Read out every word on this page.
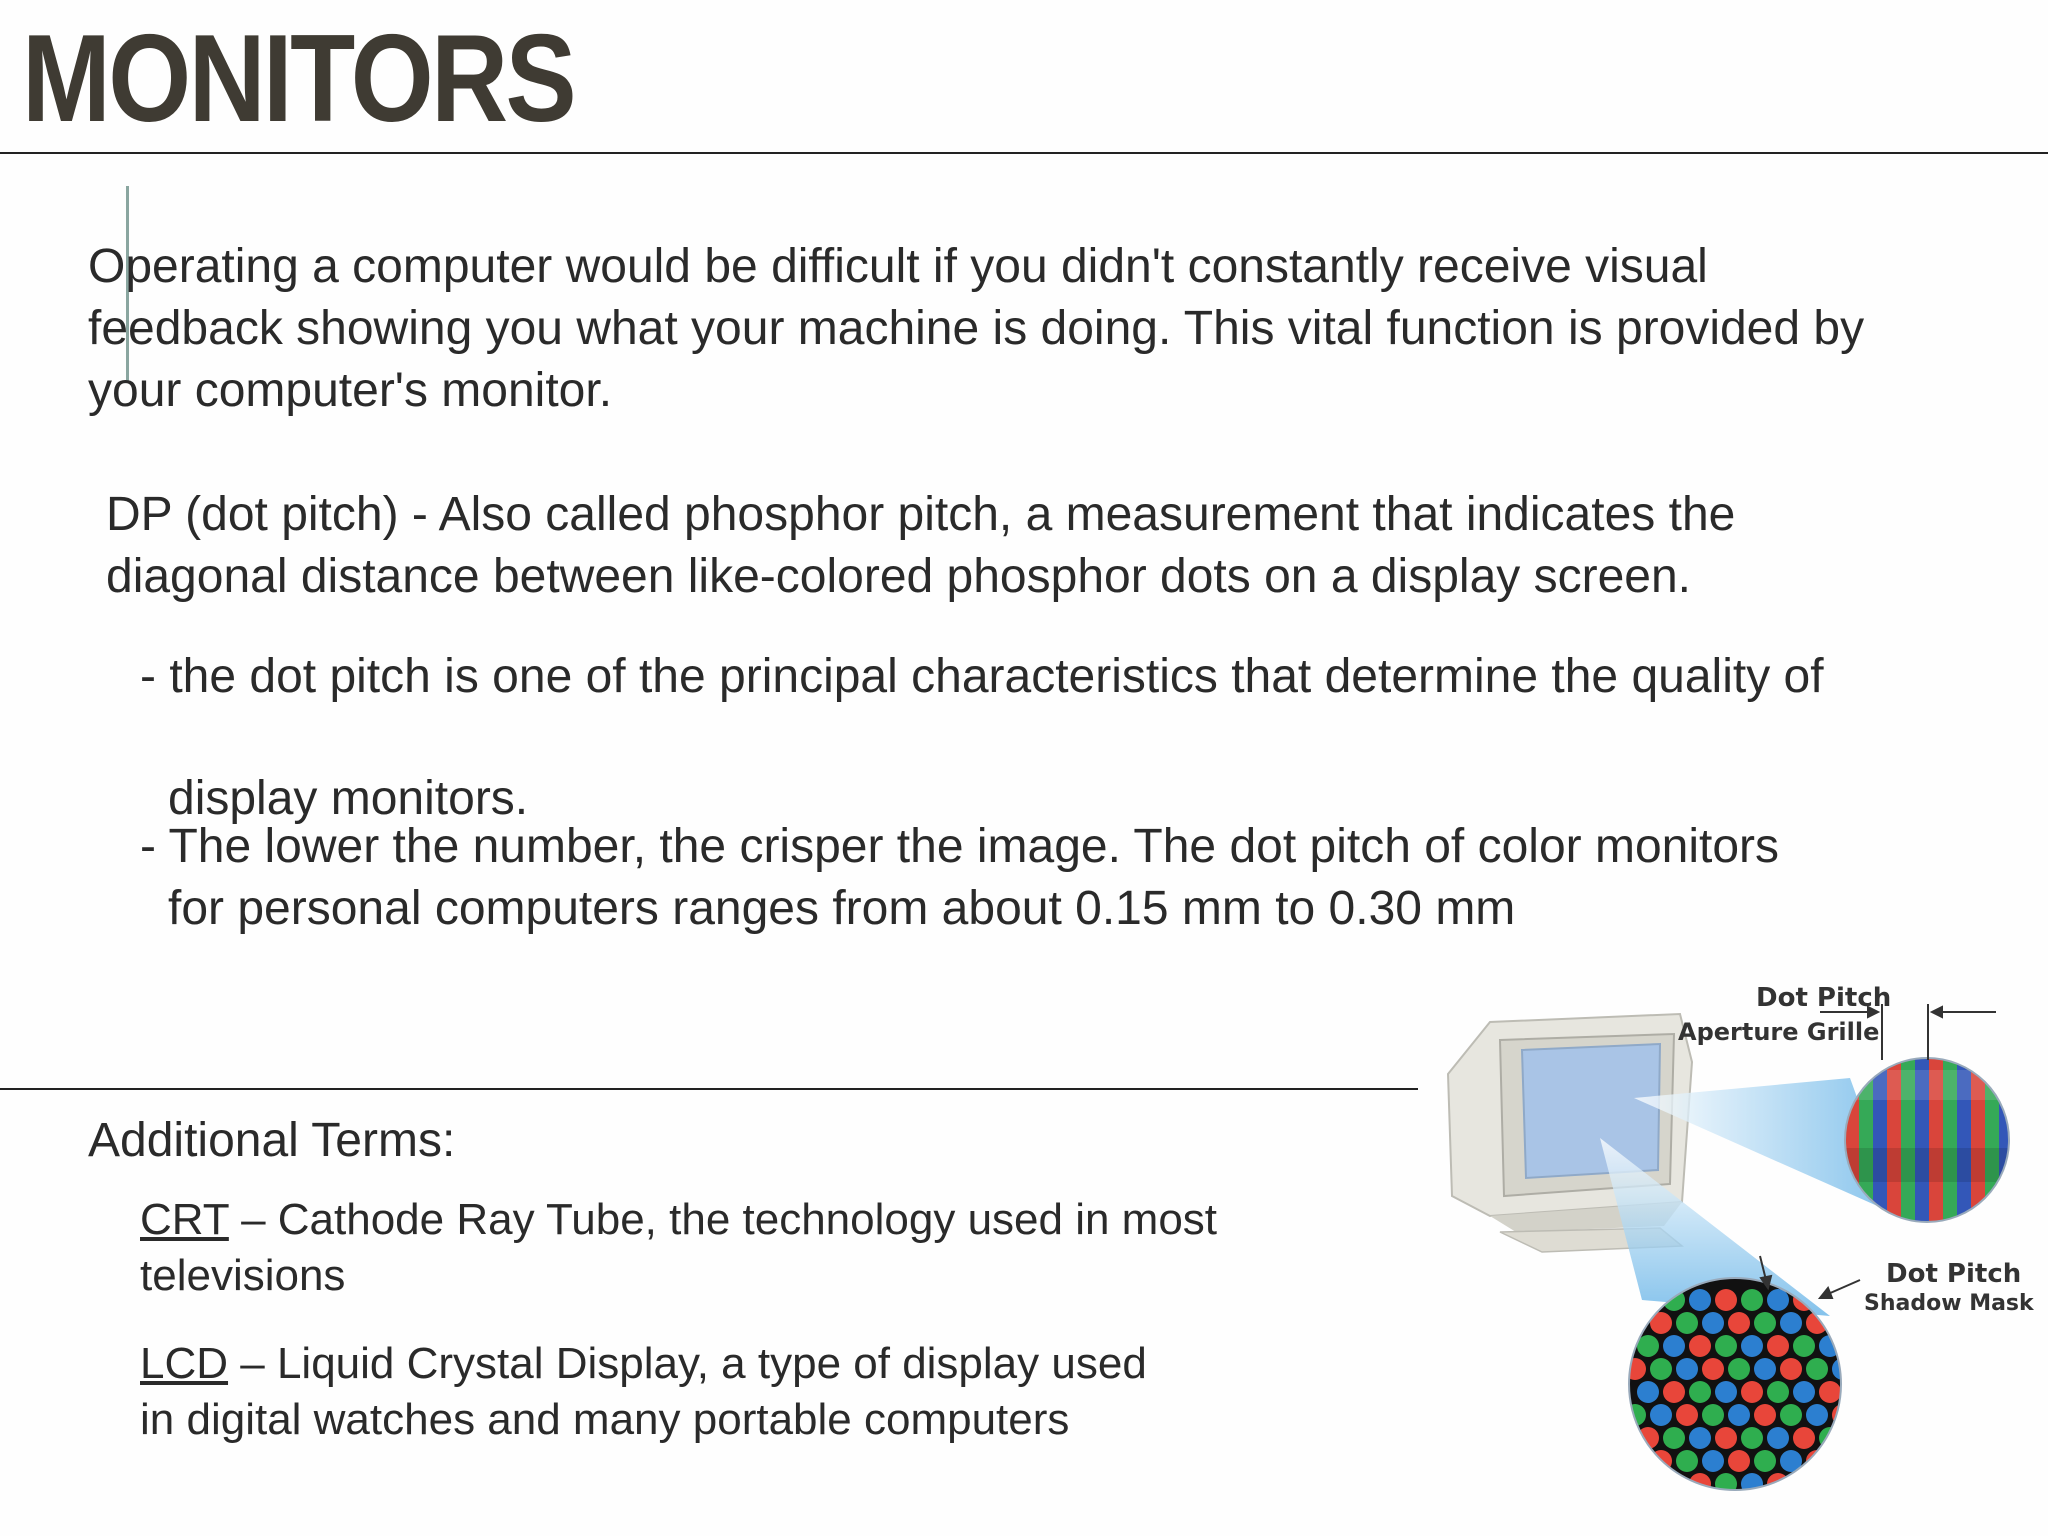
MONITORS
Operating a computer would be difficult if you didn't constantly receive visual
feedback showing you what your machine is doing. This vital function is provided by
your computer's monitor.
DP (dot pitch) - Also called phosphor pitch, a measurement that indicates the
diagonal distance between like-colored phosphor dots on a display screen.
- the dot pitch is one of the principal characteristics that determine the quality of
display monitors.
- The lower the number, the crisper the image. The dot pitch of color monitors
for personal computers ranges from about 0.15 mm to 0.30 mm
Additional Terms:
CRT – Cathode Ray Tube, the technology used in most
televisions
LCD – Liquid Crystal Display, a type of display used
in digital watches and many portable computers
Dot Pitch
Aperture Grille
Dot Pitch
Shadow Mask
